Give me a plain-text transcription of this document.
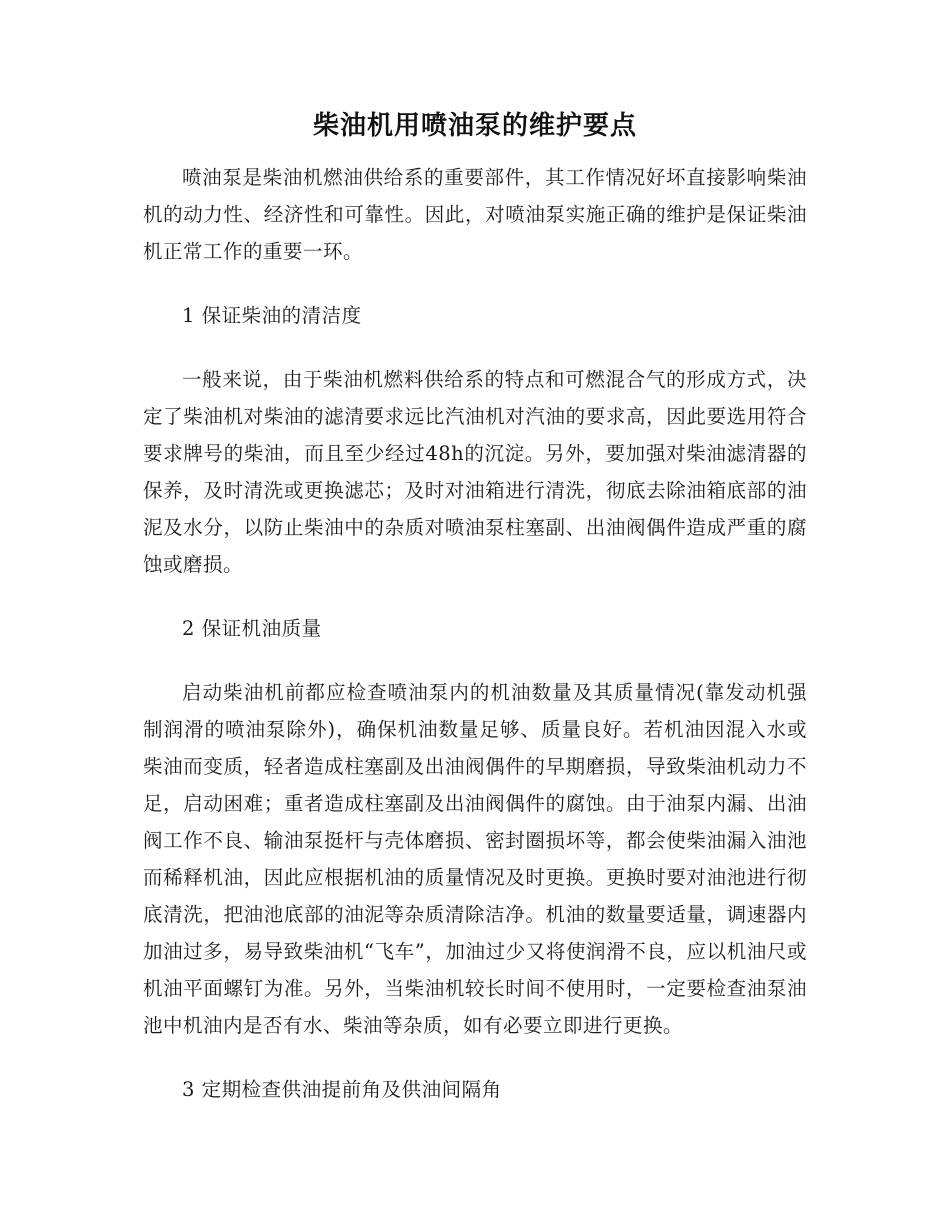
柴油机用喷油泵的维护要点

喷油泵是柴油机燃油供给系的重要部件，其工作情况好坏直接影响柴油机的动力性、经济性和可靠性。因此，对喷油泵实施正确的维护是保证柴油机正常工作的重要一环。

1 保证柴油的清洁度

一般来说，由于柴油机燃料供给系的特点和可燃混合气的形成方式，决定了柴油机对柴油的滤清要求远比汽油机对汽油的要求高，因此要选用符合要求牌号的柴油，而且至少经过48h的沉淀。另外，要加强对柴油滤清器的保养，及时清洗或更换滤芯；及时对油箱进行清洗，彻底去除油箱底部的油泥及水分，以防止柴油中的杂质对喷油泵柱塞副、出油阀偶件造成严重的腐蚀或磨损。

2 保证机油质量

启动柴油机前都应检查喷油泵内的机油数量及其质量情况(靠发动机强制润滑的喷油泵除外)，确保机油数量足够、质量良好。若机油因混入水或柴油而变质，轻者造成柱塞副及出油阀偶件的早期磨损，导致柴油机动力不足，启动困难；重者造成柱塞副及出油阀偶件的腐蚀。由于油泵内漏、出油阀工作不良、输油泵挺杆与壳体磨损、密封圈损坏等，都会使柴油漏入油池而稀释机油，因此应根据机油的质量情况及时更换。更换时要对油池进行彻底清洗，把油池底部的油泥等杂质清除洁净。机油的数量要适量，调速器内加油过多，易导致柴油机“飞车”，加油过少又将使润滑不良，应以机油尺或机油平面螺钉为准。另外，当柴油机较长时间不使用时，一定要检查油泵油池中机油内是否有水、柴油等杂质，如有必要立即进行更换。

3 定期检查供油提前角及供油间隔角
